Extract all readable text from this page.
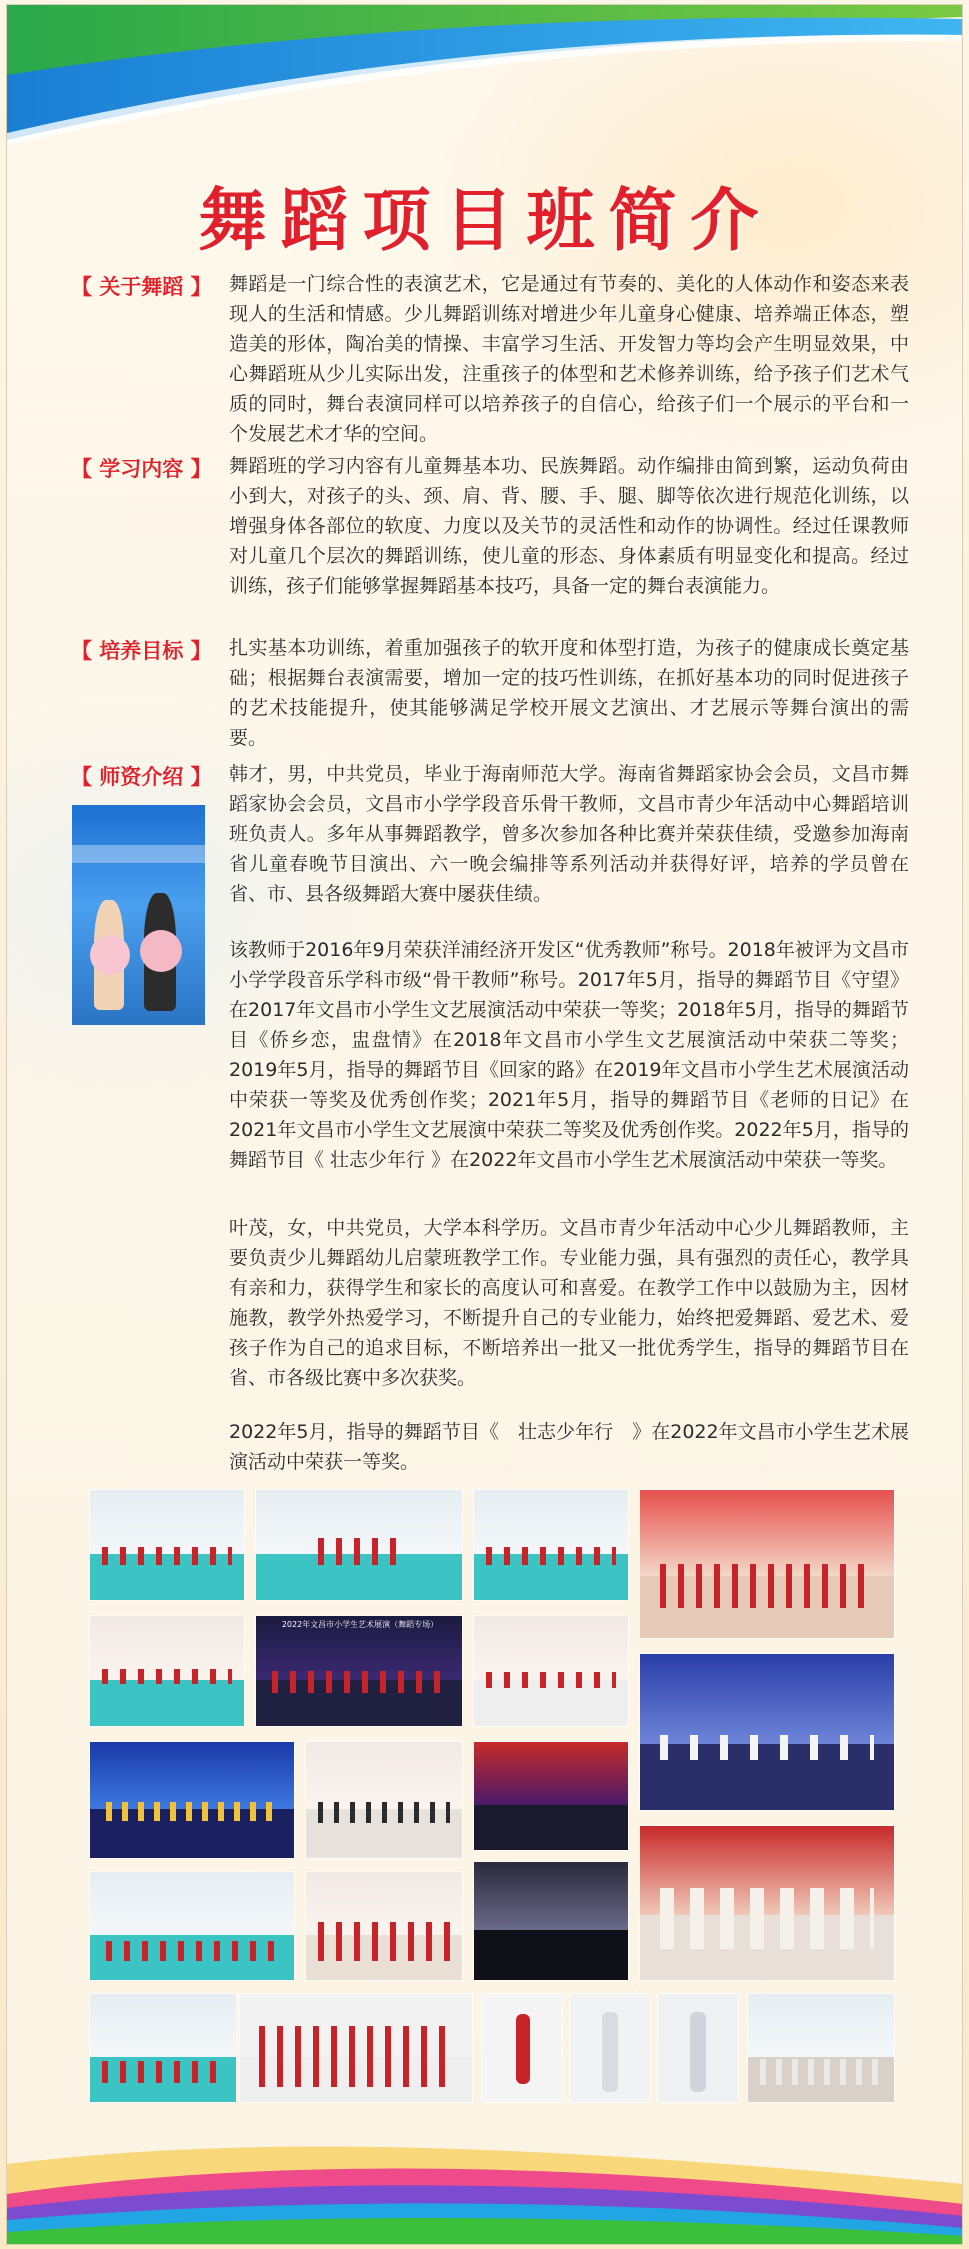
舞蹈项目班简介
【 关于舞蹈 】 舞蹈是一门综合性的表演艺术，它是通过有节奏的、美化的人体动作和姿态来表现人的生活和情感。少儿舞蹈训练对增进少年儿童身心健康、培养端正体态，塑造美的形体，陶冶美的情操、丰富学习生活、开发智力等均会产生明显效果，中心舞蹈班从少儿实际出发，注重孩子的体型和艺术修养训练，给予孩子们艺术气质的同时，舞台表演同样可以培养孩子的自信心，给孩子们一个展示的平台和一个发展艺术才华的空间。
【 学习内容 】 舞蹈班的学习内容有儿童舞基本功、民族舞蹈。动作编排由简到繁，运动负荷由小到大，对孩子的头、颈、肩、背、腰、手、腿、脚等依次进行规范化训练，以增强身体各部位的软度、力度以及关节的灵活性和动作的协调性。经过任课教师对儿童几个层次的舞蹈训练，使儿童的形态、身体素质有明显变化和提高。经过训练，孩子们能够掌握舞蹈基本技巧，具备一定的舞台表演能力。
【 培养目标 】 扎实基本功训练，着重加强孩子的软开度和体型打造，为孩子的健康成长奠定基础；根据舞台表演需要，增加一定的技巧性训练，在抓好基本功的同时促进孩子的艺术技能提升，使其能够满足学校开展文艺演出、才艺展示等舞台演出的需要。
【 师资介绍 】 韩才，男，中共党员，毕业于海南师范大学。海南省舞蹈家协会会员，文昌市舞蹈家协会会员，文昌市小学学段音乐骨干教师，文昌市青少年活动中心舞蹈培训班负责人。多年从事舞蹈教学，曾多次参加各种比赛并荣获佳绩，受邀参加海南省儿童春晚节目演出、六一晚会编排等系列活动并获得好评，培养的学员曾在省、市、县各级舞蹈大赛中屡获佳绩。
该教师于2016年9月荣获洋浦经济开发区“优秀教师”称号。2018年被评为文昌市小学学段音乐学科市级“骨干教师”称号。2017年5月，指导的舞蹈节目《守望》在2017年文昌市小学生文艺展演活动中荣获一等奖；2018年5月，指导的舞蹈节目《侨乡恋，盅盘情》在2018年文昌市小学生文艺展演活动中荣获二等奖；2019年5月，指导的舞蹈节目《回家的路》在2019年文昌市小学生艺术展演活动中荣获一等奖及优秀创作奖；2021年5月，指导的舞蹈节目《老师的日记》在2021年文昌市小学生文艺展演中荣获二等奖及优秀创作奖。2022年5月，指导的舞蹈节目《 壮志少年行 》在2022年文昌市小学生艺术展演活动中荣获一等奖。
叶茂，女，中共党员，大学本科学历。文昌市青少年活动中心少儿舞蹈教师，主要负责少儿舞蹈幼儿启蒙班教学工作。专业能力强，具有强烈的责任心，教学具有亲和力，获得学生和家长的高度认可和喜爱。在教学工作中以鼓励为主，因材施教，教学外热爱学习，不断提升自己的专业能力，始终把爱舞蹈、爱艺术、爱孩子作为自己的追求目标，不断培养出一批又一批优秀学生，指导的舞蹈节目在省、市各级比赛中多次获奖。
2022年5月，指导的舞蹈节目《　壮志少年行　》在2022年文昌市小学生艺术展演活动中荣获一等奖。
2022年文昌市小学生艺术展演（舞蹈专场）
